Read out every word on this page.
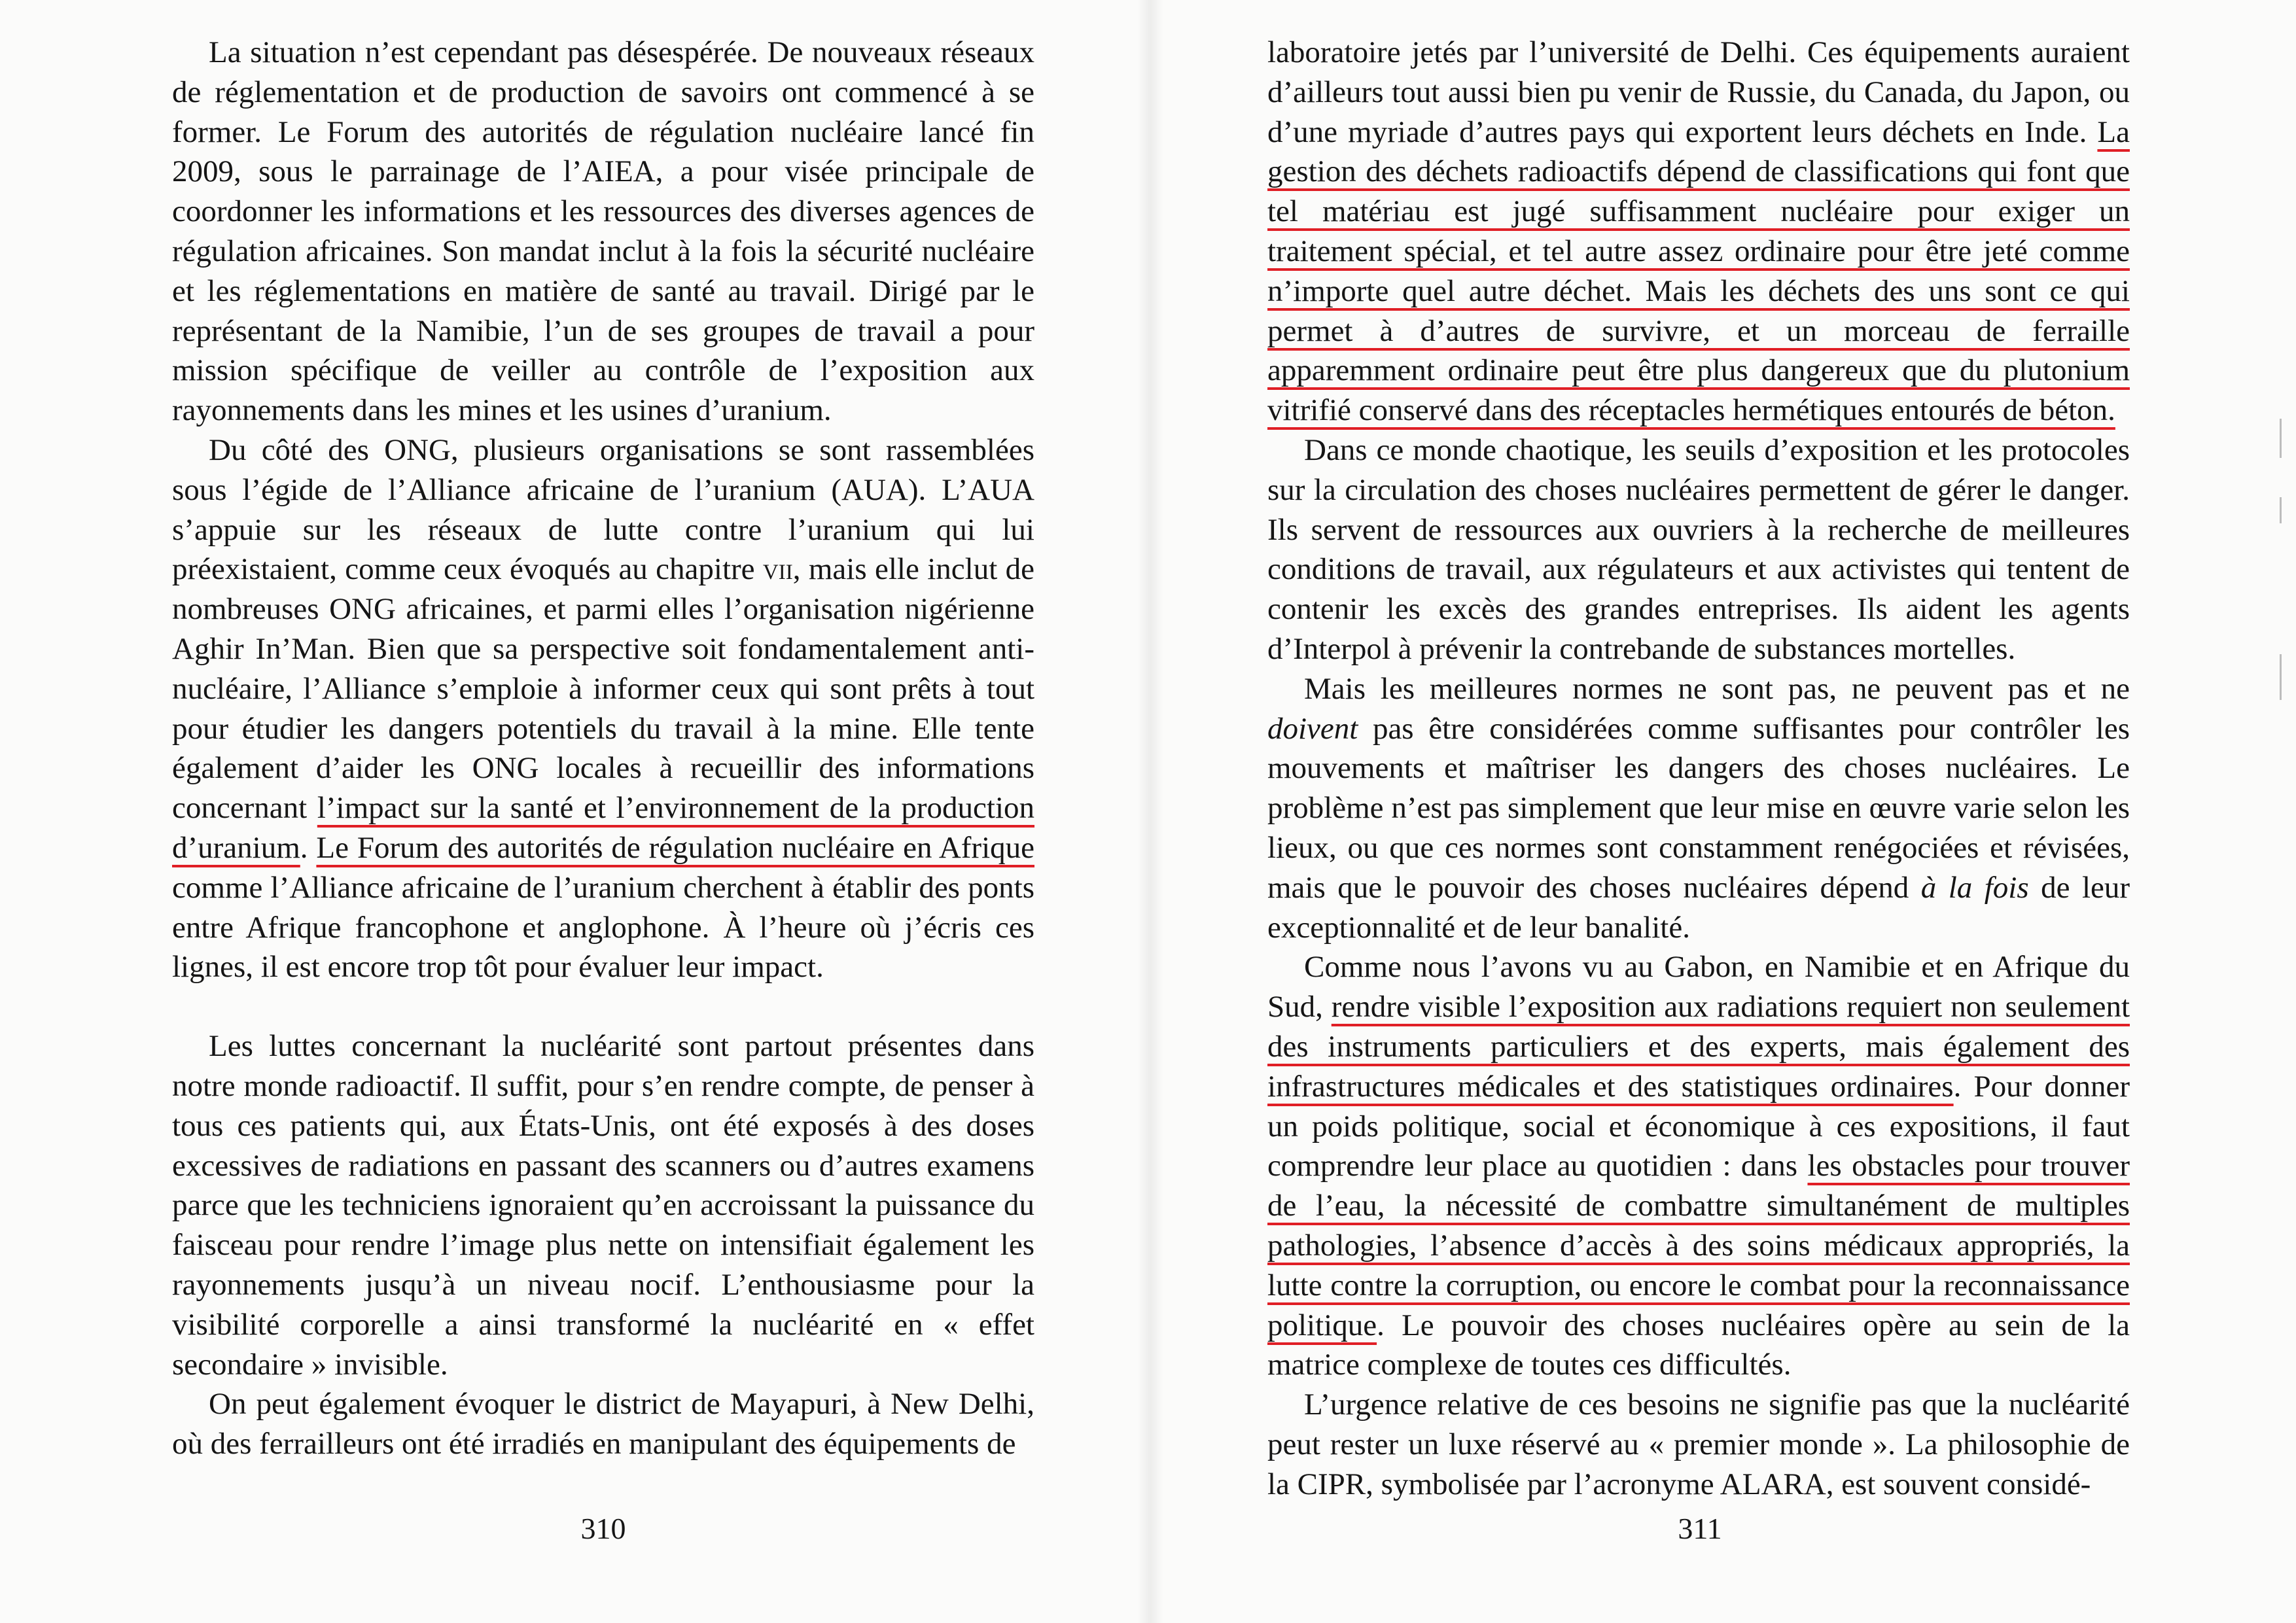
La situation n’est cependant pas désespérée. De nouveaux réseaux de réglementation et de production de savoirs ont commencé à se former. Le Forum des autorités de régulation nucléaire lancé fin 2009, sous le parrainage de l’AIEA, a pour visée principale de coordonner les informations et les ressources des diverses agences de régulation africaines. Son mandat inclut à la fois la sécurité nucléaire et les réglementations en matière de santé au travail. Dirigé par le représentant de la Namibie, l’un de ses groupes de travail a pour mission spécifique de veiller au contrôle de l’exposition aux rayonnements dans les mines et les usines d’uranium.

Du côté des ONG, plusieurs organisations se sont rassemblées sous l’égide de l’Alliance africaine de l’uranium (AUA). L’AUA s’appuie sur les réseaux de lutte contre l’uranium qui lui préexistaient, comme ceux évoqués au chapitre vii, mais elle inclut de nombreuses ONG africaines, et parmi elles l’organisation nigérienne Aghir In’Man. Bien que sa perspective soit fondamentalement anti-nucléaire, l’Alliance s’emploie à informer ceux qui sont prêts à tout pour étudier les dangers potentiels du travail à la mine. Elle tente également d’aider les ONG locales à recueillir des informations concernant l’impact sur la santé et l’environnement de la production d’uranium. Le Forum des autorités de régulation nucléaire en Afrique comme l’Alliance africaine de l’uranium cherchent à établir des ponts entre Afrique francophone et anglophone. À l’heure où j’écris ces lignes, il est encore trop tôt pour évaluer leur impact.

Les luttes concernant la nucléarité sont partout présentes dans notre monde radioactif. Il suffit, pour s’en rendre compte, de penser à tous ces patients qui, aux États-Unis, ont été exposés à des doses excessives de radiations en passant des scanners ou d’autres examens parce que les techniciens ignoraient qu’en accroissant la puissance du faisceau pour rendre l’image plus nette on intensifiait également les rayonnements jusqu’à un niveau nocif. L’enthousiasme pour la visibilité corporelle a ainsi transformé la nucléarité en « effet secondaire » invisible.

On peut également évoquer le district de Mayapuri, à New Delhi, où des ferrailleurs ont été irradiés en manipulant des équipements de

310

laboratoire jetés par l’université de Delhi. Ces équipements auraient d’ailleurs tout aussi bien pu venir de Russie, du Canada, du Japon, ou d’une myriade d’autres pays qui exportent leurs déchets en Inde. La gestion des déchets radioactifs dépend de classifications qui font que tel matériau est jugé suffisamment nucléaire pour exiger un traitement spécial, et tel autre assez ordinaire pour être jeté comme n’importe quel autre déchet. Mais les déchets des uns sont ce qui permet à d’autres de survivre, et un morceau de ferraille apparemment ordinaire peut être plus dangereux que du plutonium vitrifié conservé dans des réceptacles hermétiques entourés de béton.

Dans ce monde chaotique, les seuils d’exposition et les protocoles sur la circulation des choses nucléaires permettent de gérer le danger. Ils servent de ressources aux ouvriers à la recherche de meilleures conditions de travail, aux régulateurs et aux activistes qui tentent de contenir les excès des grandes entreprises. Ils aident les agents d’Interpol à prévenir la contrebande de substances mortelles.

Mais les meilleures normes ne sont pas, ne peuvent pas et ne doivent pas être considérées comme suffisantes pour contrôler les mouvements et maîtriser les dangers des choses nucléaires. Le problème n’est pas simplement que leur mise en œuvre varie selon les lieux, ou que ces normes sont constamment renégociées et révisées, mais que le pouvoir des choses nucléaires dépend à la fois de leur exceptionnalité et de leur banalité.

Comme nous l’avons vu au Gabon, en Namibie et en Afrique du Sud, rendre visible l’exposition aux radiations requiert non seulement des instruments particuliers et des experts, mais également des infrastructures médicales et des statistiques ordinaires. Pour donner un poids politique, social et économique à ces expositions, il faut comprendre leur place au quotidien : dans les obstacles pour trouver de l’eau, la nécessité de combattre simultanément de multiples pathologies, l’absence d’accès à des soins médicaux appropriés, la lutte contre la corruption, ou encore le combat pour la reconnaissance politique. Le pouvoir des choses nucléaires opère au sein de la matrice complexe de toutes ces difficultés.

L’urgence relative de ces besoins ne signifie pas que la nucléarité peut rester un luxe réservé au « premier monde ». La philosophie de la CIPR, symbolisée par l’acronyme ALARA, est souvent considé-

311
